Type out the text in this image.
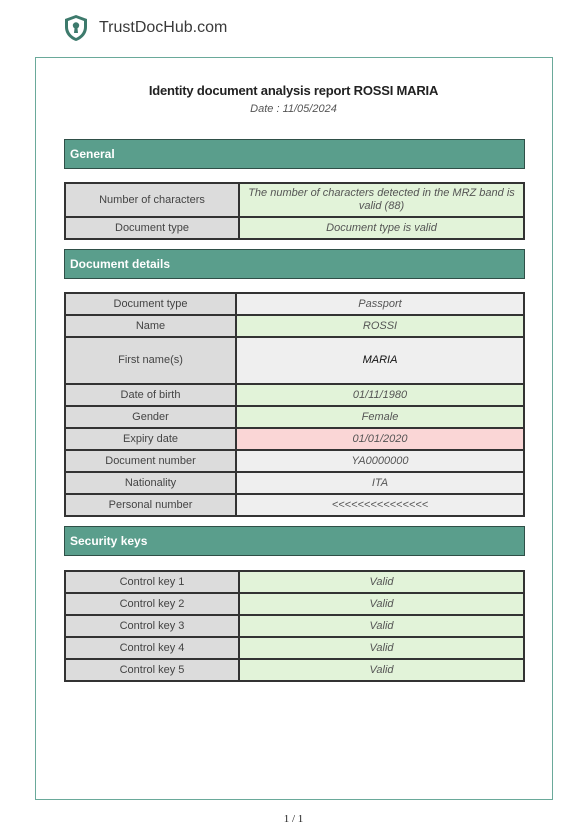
TrustDocHub.com
Identity document analysis report ROSSI MARIA
Date : 11/05/2024
General
Number of characters	The number of characters detected in the MRZ band is valid (88)
Document type	Document type is valid
Document details
Document type	Passport
Name	ROSSI
First name(s)	MARIA
Date of birth	01/11/1980
Gender	Female
Expiry date	01/01/2020
Document number	YA0000000
Nationality	ITA
Personal number	<<<<<<<<<<<<<<<
Security keys
Control key 1	Valid
Control key 2	Valid
Control key 3	Valid
Control key 4	Valid
Control key 5	Valid
1 / 1
